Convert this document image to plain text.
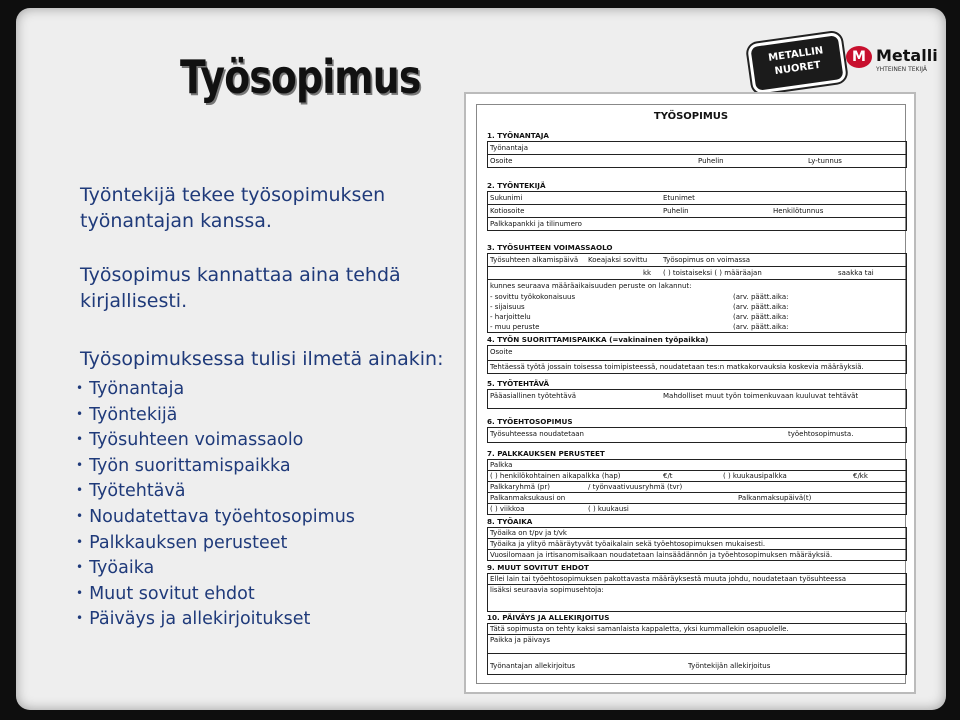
Työsopimus	METALLIN NUORET
M Metalli
YHTEINEN TEKIJÄ
Työntekijä tekee työsopimuksen työnantajan kanssa.
Työsopimus kannattaa aina tehdä kirjallisesti.
Työsopimuksessa tulisi ilmetä ainakin:
• Työnantaja
• Työntekijä
• Työsuhteen voimassaolo
• Työn suorittamispaikka
• Työtehtävä
• Noudatettava työehtosopimus
• Palkkauksen perusteet
• Työaika
• Muut sovitut ehdot
• Päiväys ja allekirjoitukset
TYÖSOPIMUS
1. TYÖNANTAJA
Työnantaja
Osoite	Puhelin	Ly-tunnus
2. TYÖNTEKIJÄ
Sukunimi	Etunimet
Kotiosoite	Puhelin	Henkilötunnus
Palkkapankki ja tilinumero
3. TYÖSUHTEEN VOIMASSAOLO
Työsuhteen alkamispäivä Koeajaksi sovittu Työsopimus on voimassa
kk ( ) toistaiseksi ( ) määräajan	saakka tai
kunnes seuraava määräaikaisuuden peruste on lakannut:
- sovittu työkokonaisuus	(arv. päätt.aika:
- sijaisuus	(arv. päätt.aika:
- harjoittelu	(arv. päätt.aika:
- muu peruste	(arv. päätt.aika:
4. TYÖN SUORITTAMISPAIKKA (=vakinainen työpaikka)
Osoite
Tehtäessä työtä jossain toisessa toimipisteessä, noudatetaan tes:n matkakorvauksia koskevia määräyksiä.
5. TYÖTEHTÄVÄ
Pääasiallinen työtehtävä	Mahdolliset muut työn toimenkuvaan kuuluvat tehtävät
6. TYÖEHTOSOPIMUS
Työsuhteessa noudatetaan	työehtosopimusta.
7. PALKKAUKSEN PERUSTEET
Palkka
( ) henkilökohtainen aikapalkka (hap)	€/t	( ) kuukausipalkka	€/kk
Palkkaryhmä (pr)	/ työnvaativuusryhmä (tvr)
Palkanmaksukausi on	Palkanmaksupäivä(t)
( ) viikkoa	( ) kuukausi
8. TYÖAIKA
Työaika on t/pv ja t/vk
Työaika ja ylityö määräytyvät työaikalain sekä työehtosopimuksen mukaisesti.
Vuosilomaan ja irtisanomisaikaan noudatetaan lainsäädännön ja työehtosopimuksen määräyksiä.
9. MUUT SOVITUT EHDOT
Ellei lain tai työehtosopimuksen pakottavasta määräyksestä muuta johdu, noudatetaan työsuhteessa
lisäksi seuraavia sopimusehtoja:
10. PÄIVÄYS JA ALLEKIRJOITUS
Tätä sopimusta on tehty kaksi samanlaista kappaletta, yksi kummallekin osapuolelle.
Paikka ja päivays
Työnantajan allekirjoitus	Työntekijän allekirjoitus
